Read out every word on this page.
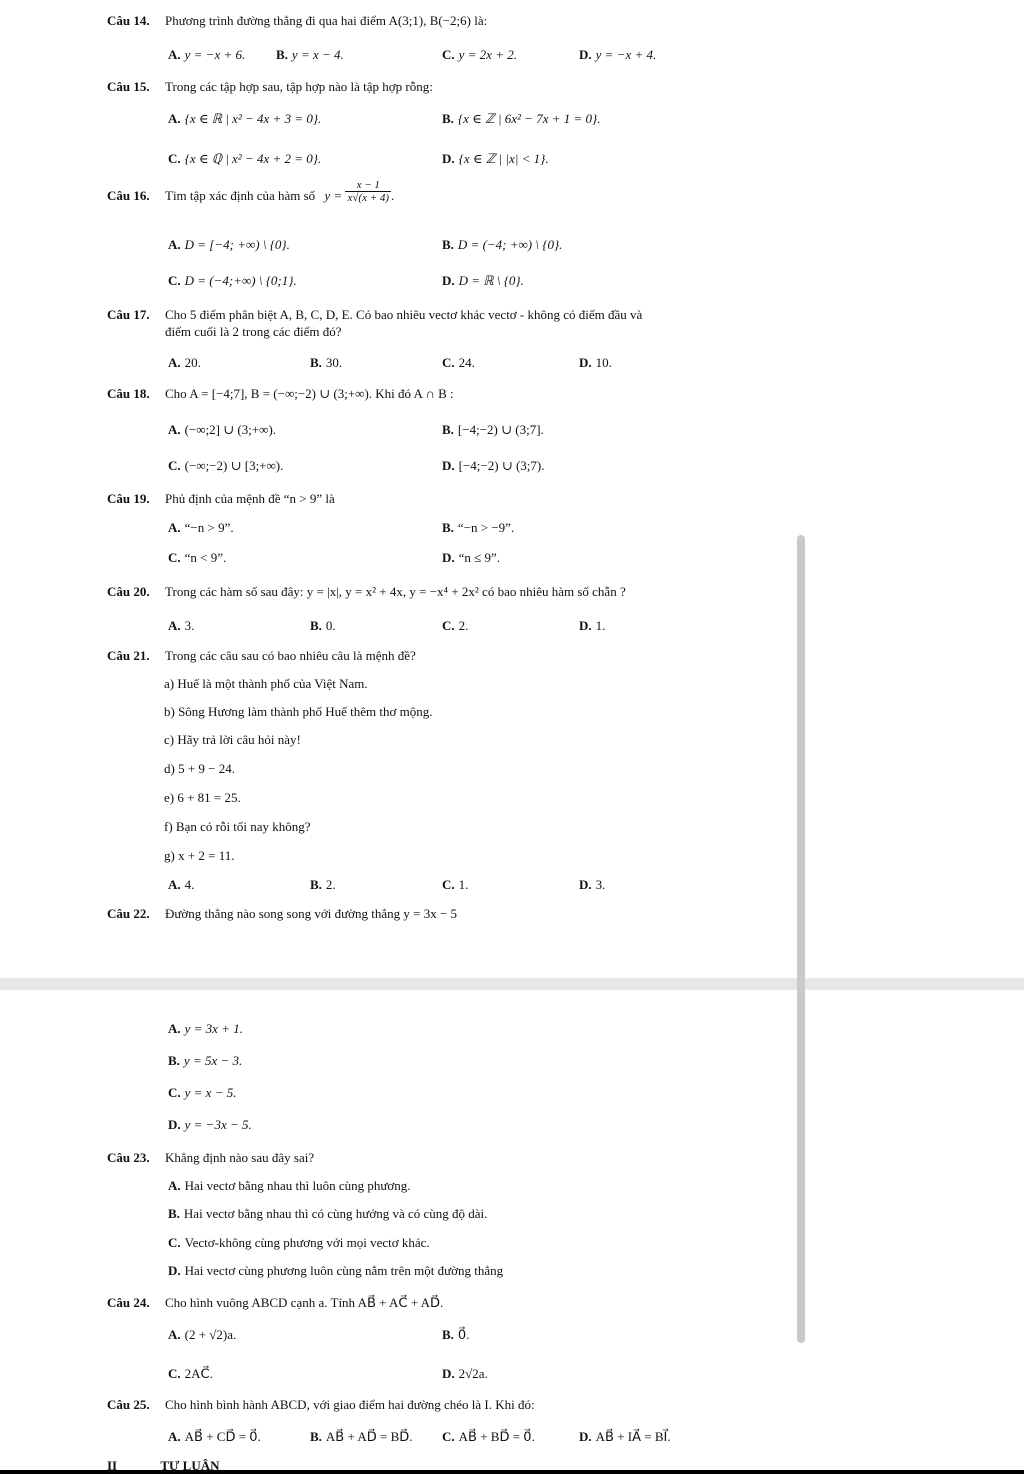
Câu 14. Phương trình đường thẳng đi qua hai điểm A(3;1), B(−2;6) là:
A. y = −x + 6. B. y = x − 4.	C. y = 2x + 2.	D. y = −x + 4.
Câu 15. Trong các tập hợp sau, tập hợp nào là tập hợp rỗng:
A. {x ∈ ℝ | x² − 4x + 3 = 0}.	B. {x ∈ ℤ | 6x² − 7x + 1 = 0}.
C. {x ∈ ℚ | x² − 4x + 2 = 0}.	D. {x ∈ ℤ | |x| < 1}.
Câu 16. Tìm tập xác định của hàm số $y = \frac{x - 1}{x√(x + 4)}$ .
A. D = [−4; +∞) \ {0}.	B. D = (−4; +∞) \ {0}.
C. D = (−4;+∞) \ {0;1}.	D. D = ℝ \ {0}.
Câu 17. Cho 5 điểm phân biệt A, B, C, D, E. Có bao nhiêu vectơ khác vectơ - không có điểm đầu và
điểm cuối là 2 trong các điểm đó?
A. 20.	B. 30.	C. 24.	D. 10.
Câu 18. Cho A = [−4;7], B = (−∞;−2) ∪ (3;+∞). Khi đó A ∩ B :
A. (−∞;2] ∪ (3;+∞).	B. [−4;−2) ∪ (3;7].
C. (−∞;−2) ∪ [3;+∞).	D. [−4;−2) ∪ (3;7).
Câu 19. Phủ định của mệnh đề “n > 9” là
A. “−n > 9”.	B. “−n > −9”.
C. “n < 9”.	D. “n ≤ 9”.
Câu 20. Trong các hàm số sau đây: y = |x|, y = x² + 4x, y = −x⁴ + 2x² có bao nhiêu hàm số chẵn ?
A. 3.	B. 0.	C. 2.	D. 1.
Câu 21. Trong các câu sau có bao nhiêu câu là mệnh đề?
a) Huế là một thành phố của Việt Nam.
b) Sông Hương làm thành phố Huế thêm thơ mộng.
c) Hãy trả lời câu hỏi này!
d) 5 + 9 − 24.
e) 6 + 81 = 25.
f) Bạn có rỗi tối nay không?
g) x + 2 = 11.
A. 4.	B. 2.	C. 1.	D. 3.
Câu 22. Đường thẳng nào song song với đường thẳng y = 3x − 5
A. y = 3x + 1.
B. y = 5x − 3.
C. y = x − 5.
D. y = −3x − 5.
Câu 23. Khẳng định nào sau đây sai?
A. Hai vectơ bằng nhau thì luôn cùng phương.
B. Hai vectơ bằng nhau thì có cùng hướng và có cùng độ dài.
C. Vectơ-không cùng phương với mọi vectơ khác.
D. Hai vectơ cùng phương luôn cùng nằm trên một đường thẳng
Câu 24. Cho hình vuông ABCD cạnh a. Tính AB⃗ + AC⃗ + AD⃗.
A. (2 + √2)a.	B. 0⃗.
C. 2AC⃗.	D. 2√2a.
Câu 25. Cho hình bình hành ABCD, với giao điểm hai đường chéo là I. Khi đó:
A. AB⃗ + CD⃗ = 0⃗.	B. AB⃗ + AD⃗ = BD⃗. C. AB⃗ + BD⃗ = 0⃗.	D. AB⃗ + IA⃗ = BI⃗.
II	TỰ LUẬN
